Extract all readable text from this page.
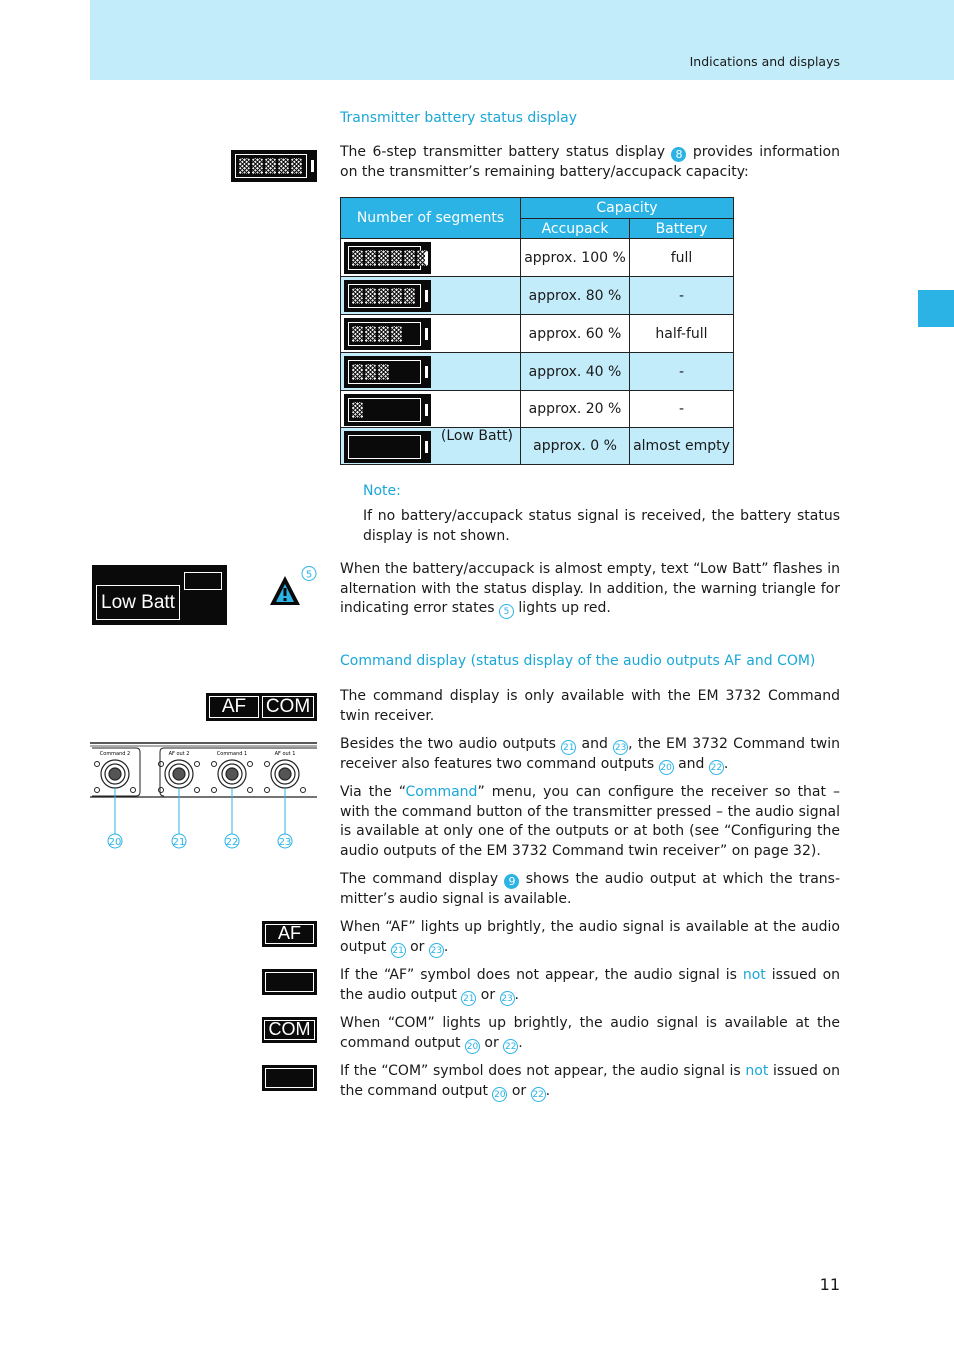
Indications and displays
Transmitter battery status display
The 6-step transmitter battery status display 8 provides information on the transmitter’s remaining battery/accupack capacity:
Number of segments	Capacity	
	Accupack	Battery

	approx. 100 %	full

	approx. 80 %	-

	approx. 60 %	half-full

	approx. 40 %	-

	approx. 20 %	-

(Low Batt)	approx. 0 %	almost empty
Note:
If no battery/accupack status signal is received, the battery status display is not shown.
Low Batt
5 When the battery/accupack is almost empty, text “Low Batt” flashes in alternation with the status display. In addition, the warning triangle for indicating error states 5 lights up red.
Command display (status display of the audio outputs AF and COM)
AF	COM The command display is only available with the EM 3732 Command twin receiver.
Besides the two audio outputs 21 and 23 , the EM 3732 Command twin receiver also features two command outputs 20 and 22 .
Via the “Command” menu, you can configure the receiver so that – with the command button of the transmitter pressed – the audio signal is available at only one of the outputs or at both (see “Configuring the audio outputs of the EM 3732 Command twin receiver” on page 32).
The command display 9 shows the audio output at which the trans-mitter’s audio signal is available.
Command 2
20
AF out 2
21
Command 1
22
AF out 1
23
AF	When “AF” lights up brightly, the audio signal is available at the audio output 21 or 23 .
If the “AF” symbol does not appear, the audio signal is not issued on the audio output 21 or 23 .
COM	When “COM” lights up brightly, the audio signal is available at the command output 20 or 22 .
If the “COM” symbol does not appear, the audio signal is not issued on the command output 20 or 22 .
11
